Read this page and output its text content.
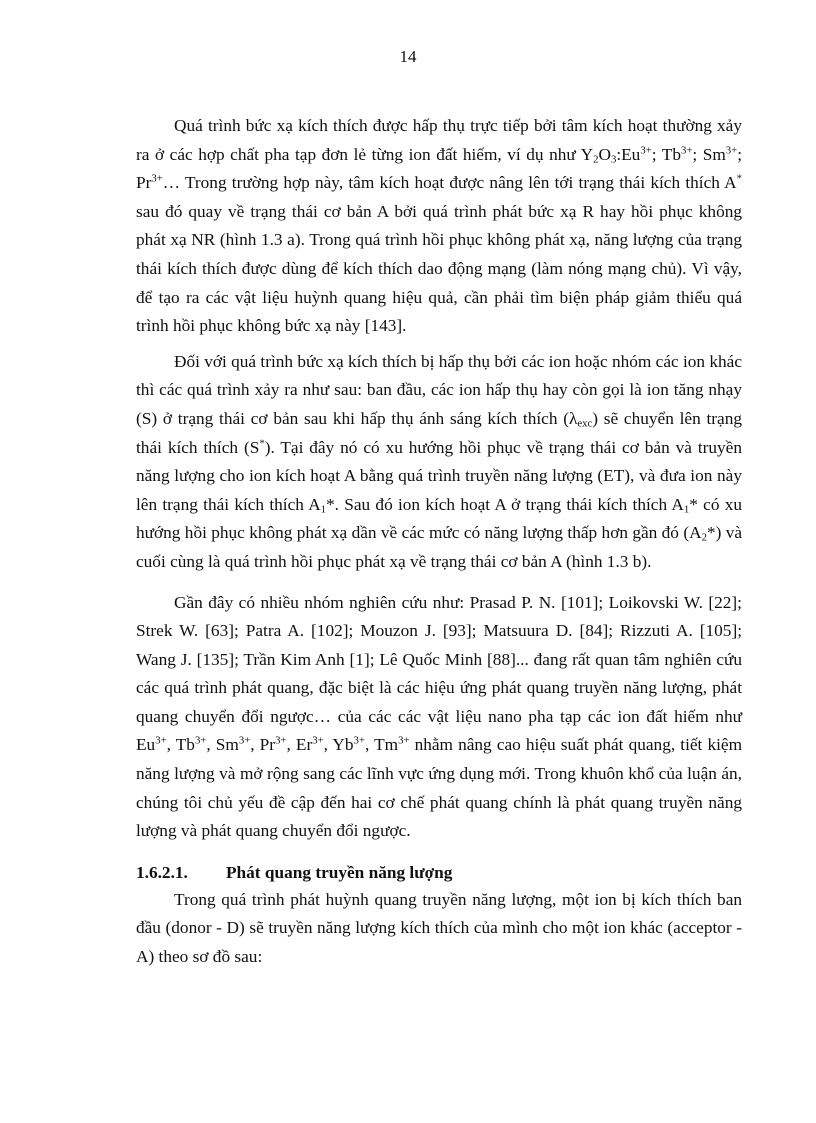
14

Quá trình bức xạ kích thích được hấp thụ trực tiếp bởi tâm kích hoạt thường xảy ra ở các hợp chất pha tạp đơn lẻ từng ion đất hiếm, ví dụ như $Y_2O_3:Eu^{3+}$; $Tb^{3+}$; $Sm^{3+}$; $Pr^{3+}\dots$ Trong trường hợp này, tâm kích hoạt được nâng lên tới trạng thái kích thích A* sau đó quay về trạng thái cơ bản A bởi quá trình phát bức xạ R hay hồi phục không phát xạ NR (hình 1.3 a). Trong quá trình hồi phục không phát xạ, năng lượng của trạng thái kích thích được dùng để kích thích dao động mạng (làm nóng mạng chủ). Vì vậy, để tạo ra các vật liệu huỳnh quang hiệu quả, cần phải tìm biện pháp giảm thiểu quá trình hồi phục không bức xạ này [143].

Đối với quá trình bức xạ kích thích bị hấp thụ bởi các ion hoặc nhóm các ion khác thì các quá trình xảy ra như sau: ban đầu, các ion hấp thụ hay còn gọi là ion tăng nhạy (S) ở trạng thái cơ bản sau khi hấp thụ ánh sáng kích thích $(\lambda_{exc})$ sẽ chuyển lên trạng thái kích thích (S*). Tại đây nó có xu hướng hồi phục về trạng thái cơ bản và truyền năng lượng cho ion kích hoạt A bằng quá trình truyền năng lượng (ET), và đưa ion này lên trạng thái kích thích $A_1*$. Sau đó ion kích hoạt A ở trạng thái kích thích $A_1*$ có xu hướng hồi phục không phát xạ dần về các mức có năng lượng thấp hơn gần đó $(A_2*)$ và cuối cùng là quá trình hồi phục phát xạ về trạng thái cơ bản A (hình 1.3 b).

Gần đây có nhiều nhóm nghiên cứu như: Prasad P. N. [101]; Loikovski W. [22]; Strek W. [63]; Patra A. [102]; Mouzon J. [93]; Matsuura D. [84]; Rizzuti A. [105]; Wang J. [135]; Trần Kim Anh [1]; Lê Quốc Minh [88]... đang rất quan tâm nghiên cứu các quá trình phát quang, đặc biệt là các hiệu ứng phát quang truyền năng lượng, phát quang chuyển đổi ngược… của các các vật liệu nano pha tạp các ion đất hiếm như $Eu^{3+}$, $Tb^{3+}$, $Sm^{3+}$, $Pr^{3+}$, $Er^{3+}$, $Yb^{3+}$, $Tm^{3+}$ nhằm nâng cao hiệu suất phát quang, tiết kiệm năng lượng và mở rộng sang các lĩnh vực ứng dụng mới. Trong khuôn khổ của luận án, chúng tôi chủ yếu đề cập đến hai cơ chế phát quang chính là phát quang truyền năng lượng và phát quang chuyển đổi ngược.

1.6.2.1. Phát quang truyền năng lượng

Trong quá trình phát huỳnh quang truyền năng lượng, một ion bị kích thích ban đầu (donor - D) sẽ truyền năng lượng kích thích của mình cho một ion khác (acceptor - A) theo sơ đồ sau:
